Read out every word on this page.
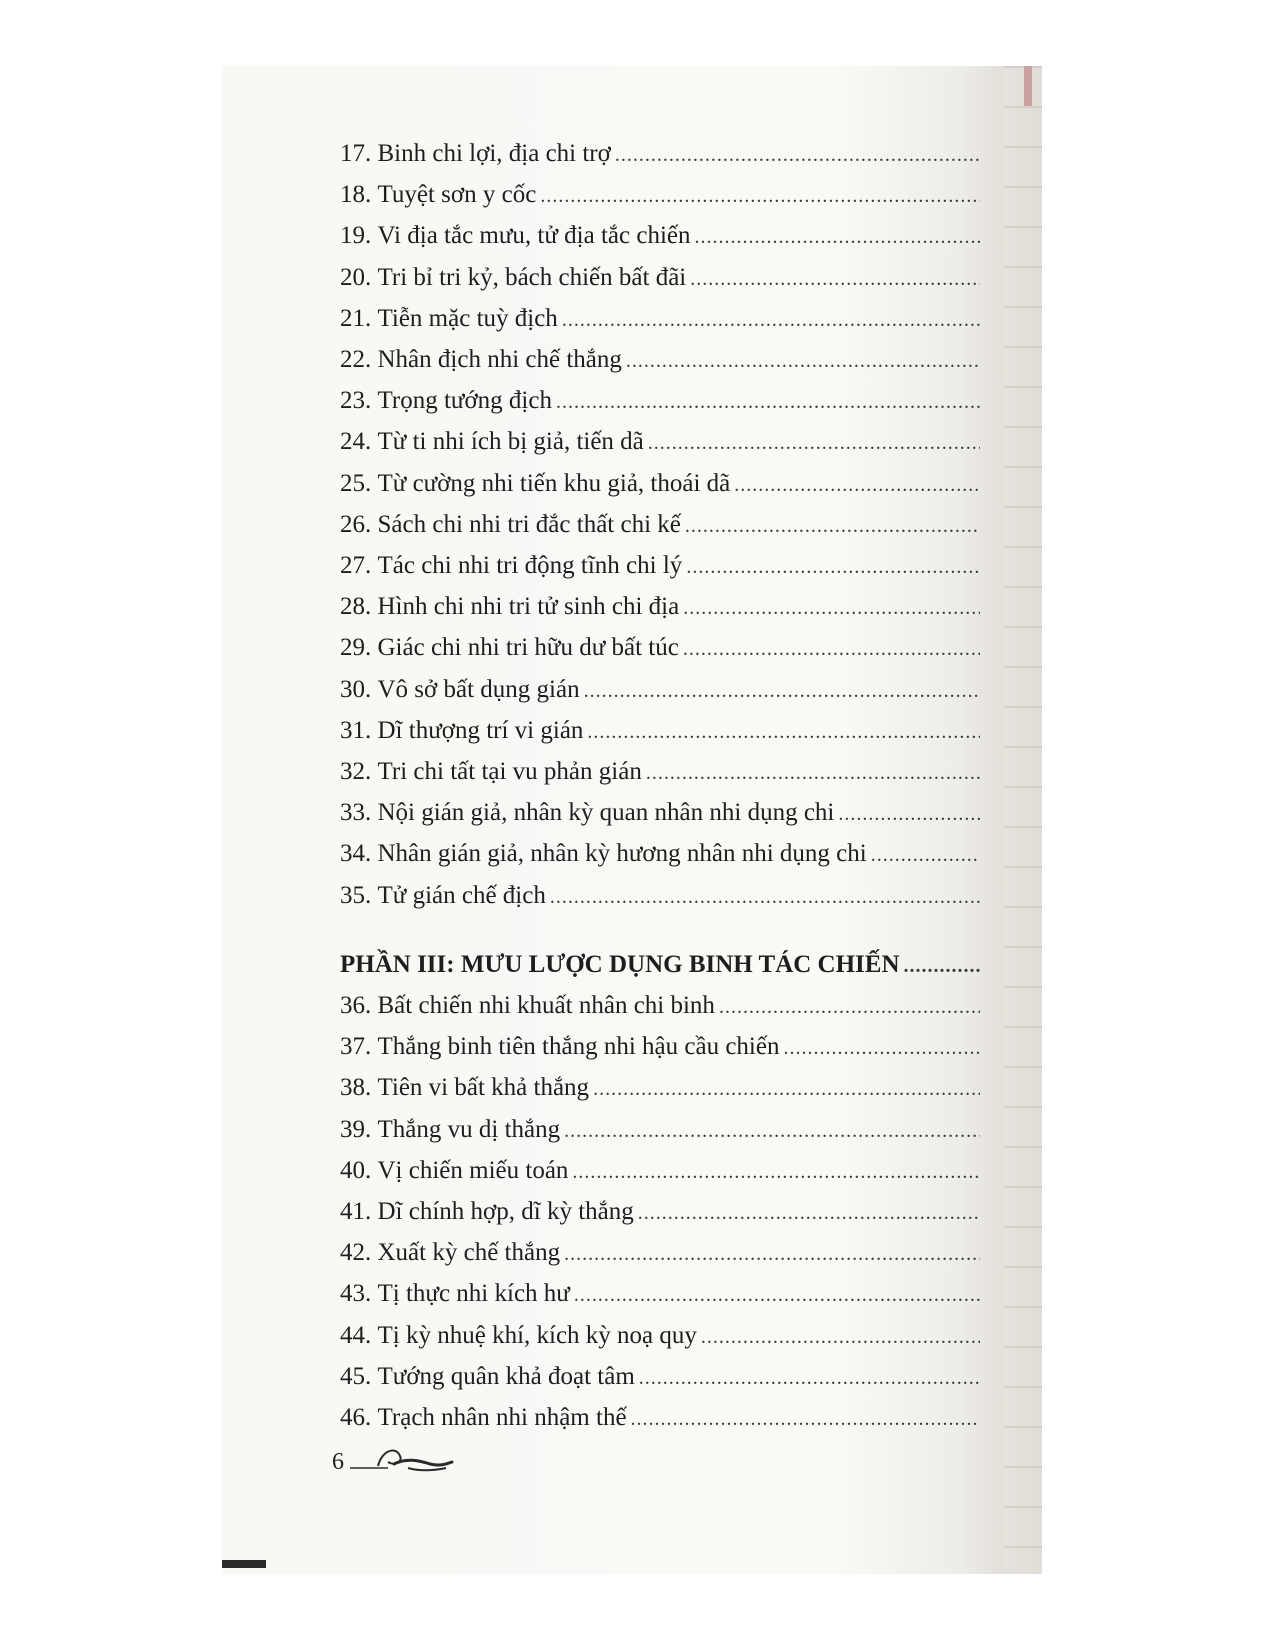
17.
Binh chi lợi, địa chi trợ
.....
18.
Tuyệt sơn y cốc
.....
19.
Vi địa tắc mưu, tử địa tắc chiến
.....
20.
Tri bỉ tri kỷ, bách chiến bất đãi
.....
21.
Tiễn mặc tuỳ địch
.....
22.
Nhân địch nhi chế thắng
.....
23.
Trọng tướng địch
.....
24.
Từ ti nhi ích bị giả, tiến dã
.....
25.
Từ cường nhi tiến khu giả, thoái dã
.....
26.
Sách chi nhi tri đắc thất chi kế
.....
27.
Tác chi nhi tri động tĩnh chi lý
.....
28.
Hình chi nhi tri tử sinh chi địa
.....
29.
Giác chi nhi tri hữu dư bất túc
.....
30.
Vô sở bất dụng gián
.....
31.
Dĩ thượng trí vi gián
.....
32.
Tri chi tất tại vu phản gián
.....
33.
Nội gián giả, nhân kỳ quan nhân nhi dụng chi
.....
34.
Nhân gián giả, nhân kỳ hương nhân nhi dụng chi
.....
35.
Tử gián chế địch
.....
PHẦN III:
MƯU LƯỢC DỤNG BINH TÁC CHIẾN
.....
36.
Bất chiến nhi khuất nhân chi binh
.....
37.
Thắng binh tiên thắng nhi hậu cầu chiến
.....
38.
Tiên vi bất khả thắng
.....
39.
Thắng vu dị thắng
.....
40.
Vị chiến miếu toán
.....
41.
Dĩ chính hợp, dĩ kỳ thắng
.....
42.
Xuất kỳ chế thắng
.....
43.
Tị thực nhi kích hư
.....
44.
Tị kỳ nhuệ khí, kích kỳ noạ quy
.....
45.
Tướng quân khả đoạt tâm
.....
46.
Trạch nhân nhi nhậm thế
.....
6
